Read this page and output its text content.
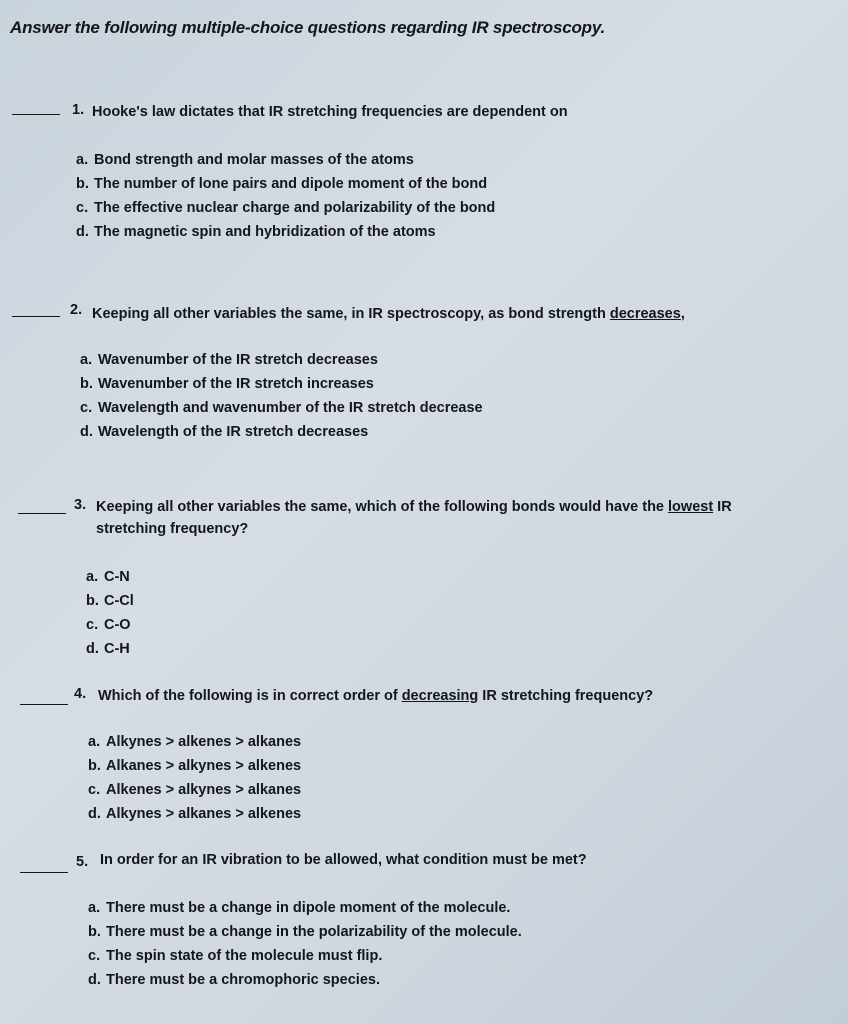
Answer the following multiple-choice questions regarding IR spectroscopy.
1. Hooke's law dictates that IR stretching frequencies are dependent on
a. Bond strength and molar masses of the atoms
b. The number of lone pairs and dipole moment of the bond
c. The effective nuclear charge and polarizability of the bond
d. The magnetic spin and hybridization of the atoms
2. Keeping all other variables the same, in IR spectroscopy, as bond strength decreases,
a. Wavenumber of the IR stretch decreases
b. Wavenumber of the IR stretch increases
c. Wavelength and wavenumber of the IR stretch decrease
d. Wavelength of the IR stretch decreases
3. Keeping all other variables the same, which of the following bonds would have the lowest IR
stretching frequency?
a. C-N
b. C-Cl
c. C-O
d. C-H
4. Which of the following is in correct order of decreasing IR stretching frequency?
a. Alkynes > alkenes > alkanes
b. Alkanes > alkynes > alkenes
c. Alkenes > alkynes > alkanes
d. Alkynes > alkanes > alkenes
5. In order for an IR vibration to be allowed, what condition must be met?
a. There must be a change in dipole moment of the molecule.
b. There must be a change in the polarizability of the molecule.
c. The spin state of the molecule must flip.
d. There must be a chromophoric species.
